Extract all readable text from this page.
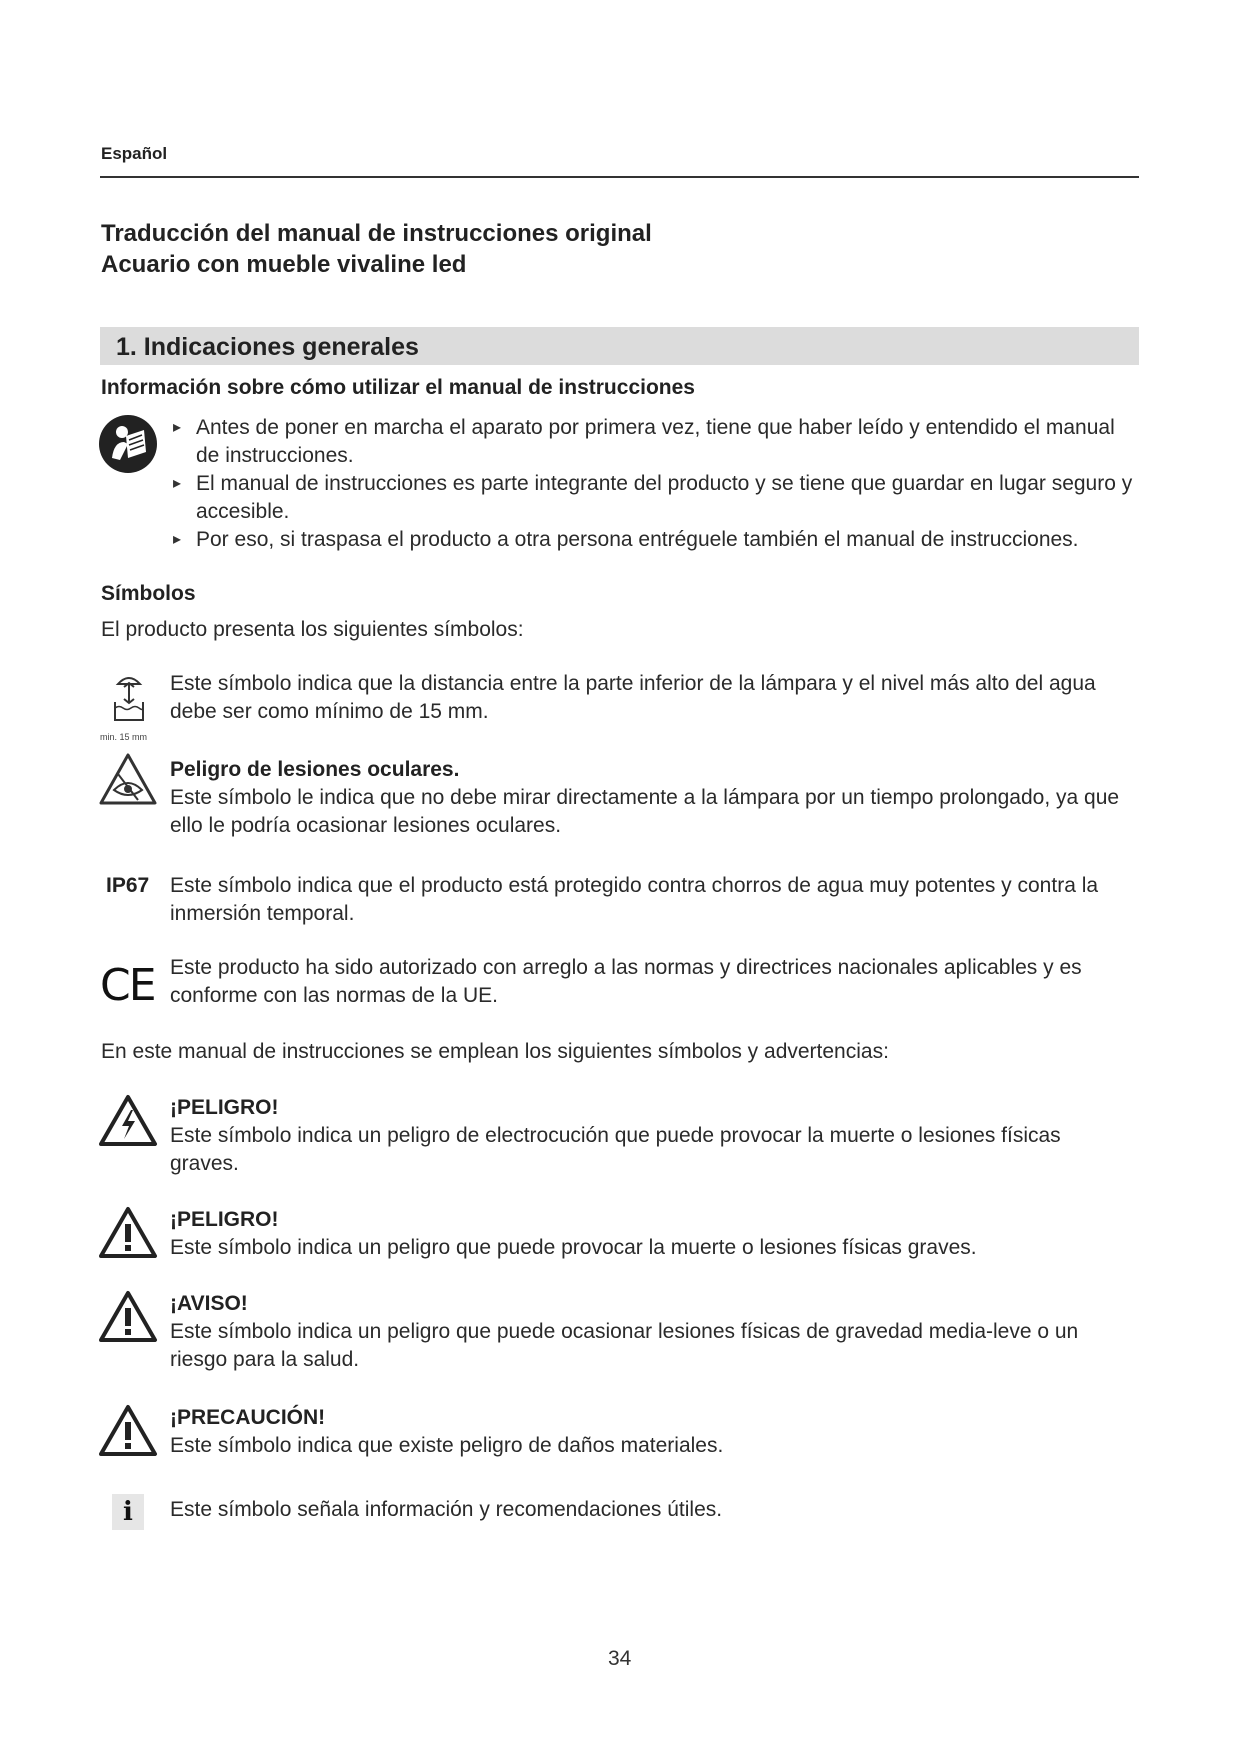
Español
Traducción del manual de instrucciones original
Acuario con mueble vivaline led
1. Indicaciones generales
Información sobre cómo utilizar el manual de instrucciones
▸ Antes de poner en marcha el aparato por primera vez, tiene que haber leído y entendido el manual de instrucciones.
▸ El manual de instrucciones es parte integrante del producto y se tiene que guardar en lugar seguro y accesible.
▸ Por eso, si traspasa el producto a otra persona entréguele también el manual de instrucciones.
Símbolos
El producto presenta los siguientes símbolos:
min. 15 mm
Este símbolo indica que la distancia entre la parte inferior de la lámpara y el nivel más alto del agua debe ser como mínimo de 15 mm.
Peligro de lesiones oculares.
Este símbolo le indica que no debe mirar directamente a la lámpara por un tiempo prolongado, ya que ello le podría ocasionar lesiones oculares.
IP67 Este símbolo indica que el producto está protegido contra chorros de agua muy potentes y contra la inmersión temporal.
CE Este producto ha sido autorizado con arreglo a las normas y directrices nacionales aplicables y es conforme con las normas de la UE.
En este manual de instrucciones se emplean los siguientes símbolos y advertencias:
¡PELIGRO!
Este símbolo indica un peligro de electrocución que puede provocar la muerte o lesiones físicas graves.
¡PELIGRO!
Este símbolo indica un peligro que puede provocar la muerte o lesiones físicas graves.
¡AVISO!
Este símbolo indica un peligro que puede ocasionar lesiones físicas de gravedad media-leve o un riesgo para la salud.
¡PRECAUCIÓN!
Este símbolo indica que existe peligro de daños materiales.
i	Este símbolo señala información y recomendaciones útiles.
34
